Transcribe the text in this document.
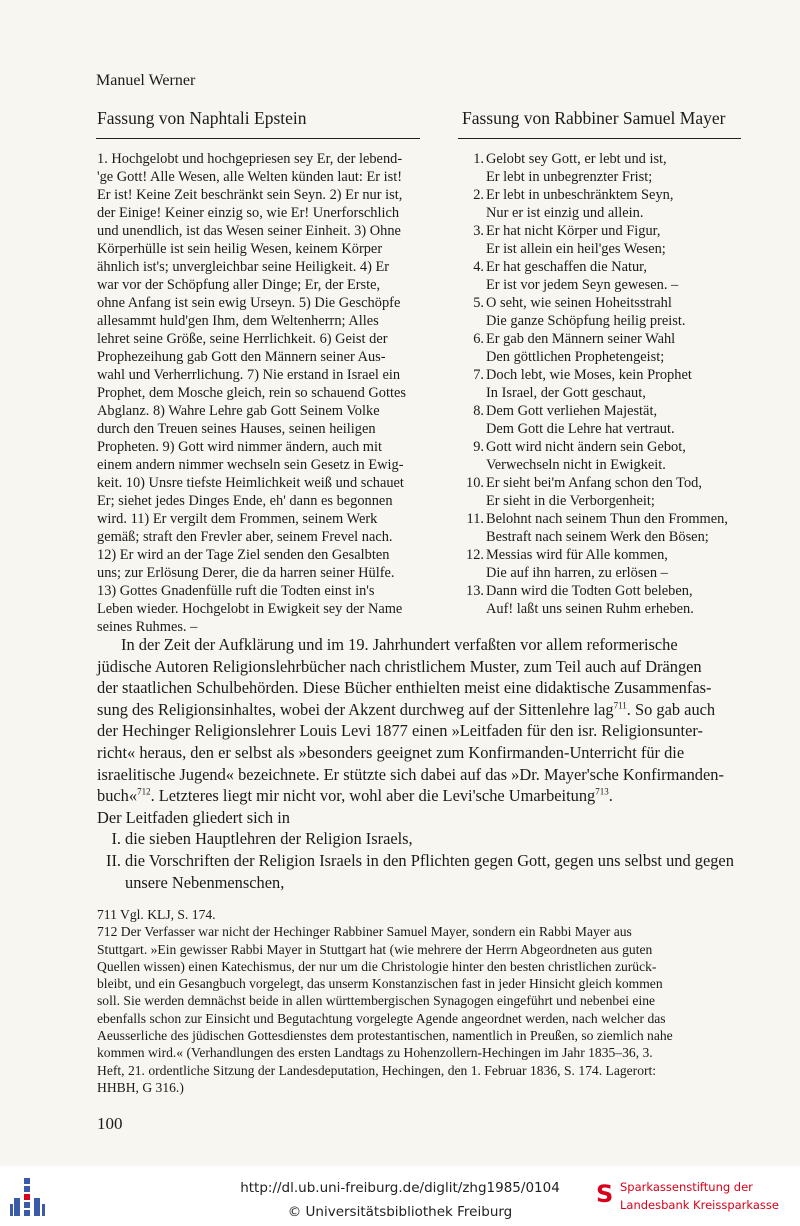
Manuel Werner
Fassung von Naphtali Epstein	Fassung von Rabbiner Samuel Mayer
1. Hochgelobt und hochgepriesen sey Er, der lebend-
'ge Gott! Alle Wesen, alle Welten künden laut: Er ist!
Er ist! Keine Zeit beschränkt sein Seyn. 2) Er nur ist,
der Einige! Keiner einzig so, wie Er! Unerforschlich
und unendlich, ist das Wesen seiner Einheit. 3) Ohne
Körperhülle ist sein heilig Wesen, keinem Körper
ähnlich ist's; unvergleichbar seine Heiligkeit. 4) Er
war vor der Schöpfung aller Dinge; Er, der Erste,
ohne Anfang ist sein ewig Urseyn. 5) Die Geschöpfe
allesammt huld'gen Ihm, dem Weltenherrn; Alles
lehret seine Größe, seine Herrlichkeit. 6) Geist der
Prophezeihung gab Gott den Männern seiner Aus-
wahl und Verherrlichung. 7) Nie erstand in Israel ein
Prophet, dem Mosche gleich, rein so schauend Gottes
Abglanz. 8) Wahre Lehre gab Gott Seinem Volke
durch den Treuen seines Hauses, seinen heiligen
Propheten. 9) Gott wird nimmer ändern, auch mit
einem andern nimmer wechseln sein Gesetz in Ewig-
keit. 10) Unsre tiefste Heimlichkeit weiß und schauet
Er; siehet jedes Dinges Ende, eh' dann es begonnen
wird. 11) Er vergilt dem Frommen, seinem Werk
gemäß; straft den Frevler aber, seinem Frevel nach.
12) Er wird an der Tage Ziel senden den Gesalbten
uns; zur Erlösung Derer, die da harren seiner Hülfe.
13) Gottes Gnadenfülle ruft die Todten einst in's
Leben wieder. Hochgelobt in Ewigkeit sey der Name
seines Ruhmes. –
1. Gelobt sey Gott, er lebt und ist,
Er lebt in unbegrenzter Frist;
2. Er lebt in unbeschränktem Seyn,
Nur er ist einzig und allein.
3. Er hat nicht Körper und Figur,
Er ist allein ein heil'ges Wesen;
4. Er hat geschaffen die Natur,
Er ist vor jedem Seyn gewesen. –
5. O seht, wie seinen Hoheitsstrahl
Die ganze Schöpfung heilig preist.
6. Er gab den Männern seiner Wahl
Den göttlichen Prophetengeist;
7. Doch lebt, wie Moses, kein Prophet
In Israel, der Gott geschaut,
8. Dem Gott verliehen Majestät,
Dem Gott die Lehre hat vertraut.
9. Gott wird nicht ändern sein Gebot,
Verwechseln nicht in Ewigkeit.
10. Er sieht bei'm Anfang schon den Tod,
Er sieht in die Verborgenheit;
11. Belohnt nach seinem Thun den Frommen,
Bestraft nach seinem Werk den Bösen;
12. Messias wird für Alle kommen,
Die auf ihn harren, zu erlösen –
13. Dann wird die Todten Gott beleben,
Auf! laßt uns seinen Ruhm erheben.
In der Zeit der Aufklärung und im 19. Jahrhundert verfaßten vor allem reformerische
jüdische Autoren Religionslehrbücher nach christlichem Muster, zum Teil auch auf Drängen
der staatlichen Schulbehörden. Diese Bücher enthielten meist eine didaktische Zusammenfas-
sung des Religionsinhaltes, wobei der Akzent durchweg auf der Sittenlehre lag$^{711}$. So gab auch
der Hechinger Religionslehrer Louis Levi 1877 einen »Leitfaden für den isr. Religionsunter-
richt« heraus, den er selbst als »besonders geeignet zum Konfirmanden-Unterricht für die
israelitische Jugend« bezeichnete. Er stützte sich dabei auf das »Dr. Mayer'sche Konfirmanden-
buch«$^{712}$. Letzteres liegt mir nicht vor, wohl aber die Levi'sche Umarbeitung$^{713}$.
Der Leitfaden gliedert sich in
I. die sieben Hauptlehren der Religion Israels,
II. die Vorschriften der Religion Israels in den Pflichten gegen Gott, gegen uns selbst und gegen
unsere Nebenmenschen,
711 Vgl. KLJ, S. 174.
712 Der Verfasser war nicht der Hechinger Rabbiner Samuel Mayer, sondern ein Rabbi Mayer aus
Stuttgart. »Ein gewisser Rabbi Mayer in Stuttgart hat (wie mehrere der Herrn Abgeordneten aus guten
Quellen wissen) einen Katechismus, der nur um die Christologie hinter den besten christlichen zurück-
bleibt, und ein Gesangbuch vorgelegt, das unserm Konstanzischen fast in jeder Hinsicht gleich kommen
soll. Sie werden demnächst beide in allen württembergischen Synagogen eingeführt und nebenbei eine
ebenfalls schon zur Einsicht und Begutachtung vorgelegte Agende angeordnet werden, nach welcher das
Aeusserliche des jüdischen Gottesdienstes dem protestantischen, namentlich in Preußen, so ziemlich nahe
kommen wird.« (Verhandlungen des ersten Landtags zu Hohenzollern-Hechingen im Jahr 1835–36, 3.
Heft, 21. ordentliche Sitzung der Landesdeputation, Hechingen, den 1. Februar 1836, S. 174. Lagerort:
HHBH, G 316.)
100
http://dl.ub.uni-freiburg.de/diglit/zhg1985/0104
© Universitätsbibliothek Freiburg
S Sparkassenstiftung der
Landesbank Kreissparkasse
